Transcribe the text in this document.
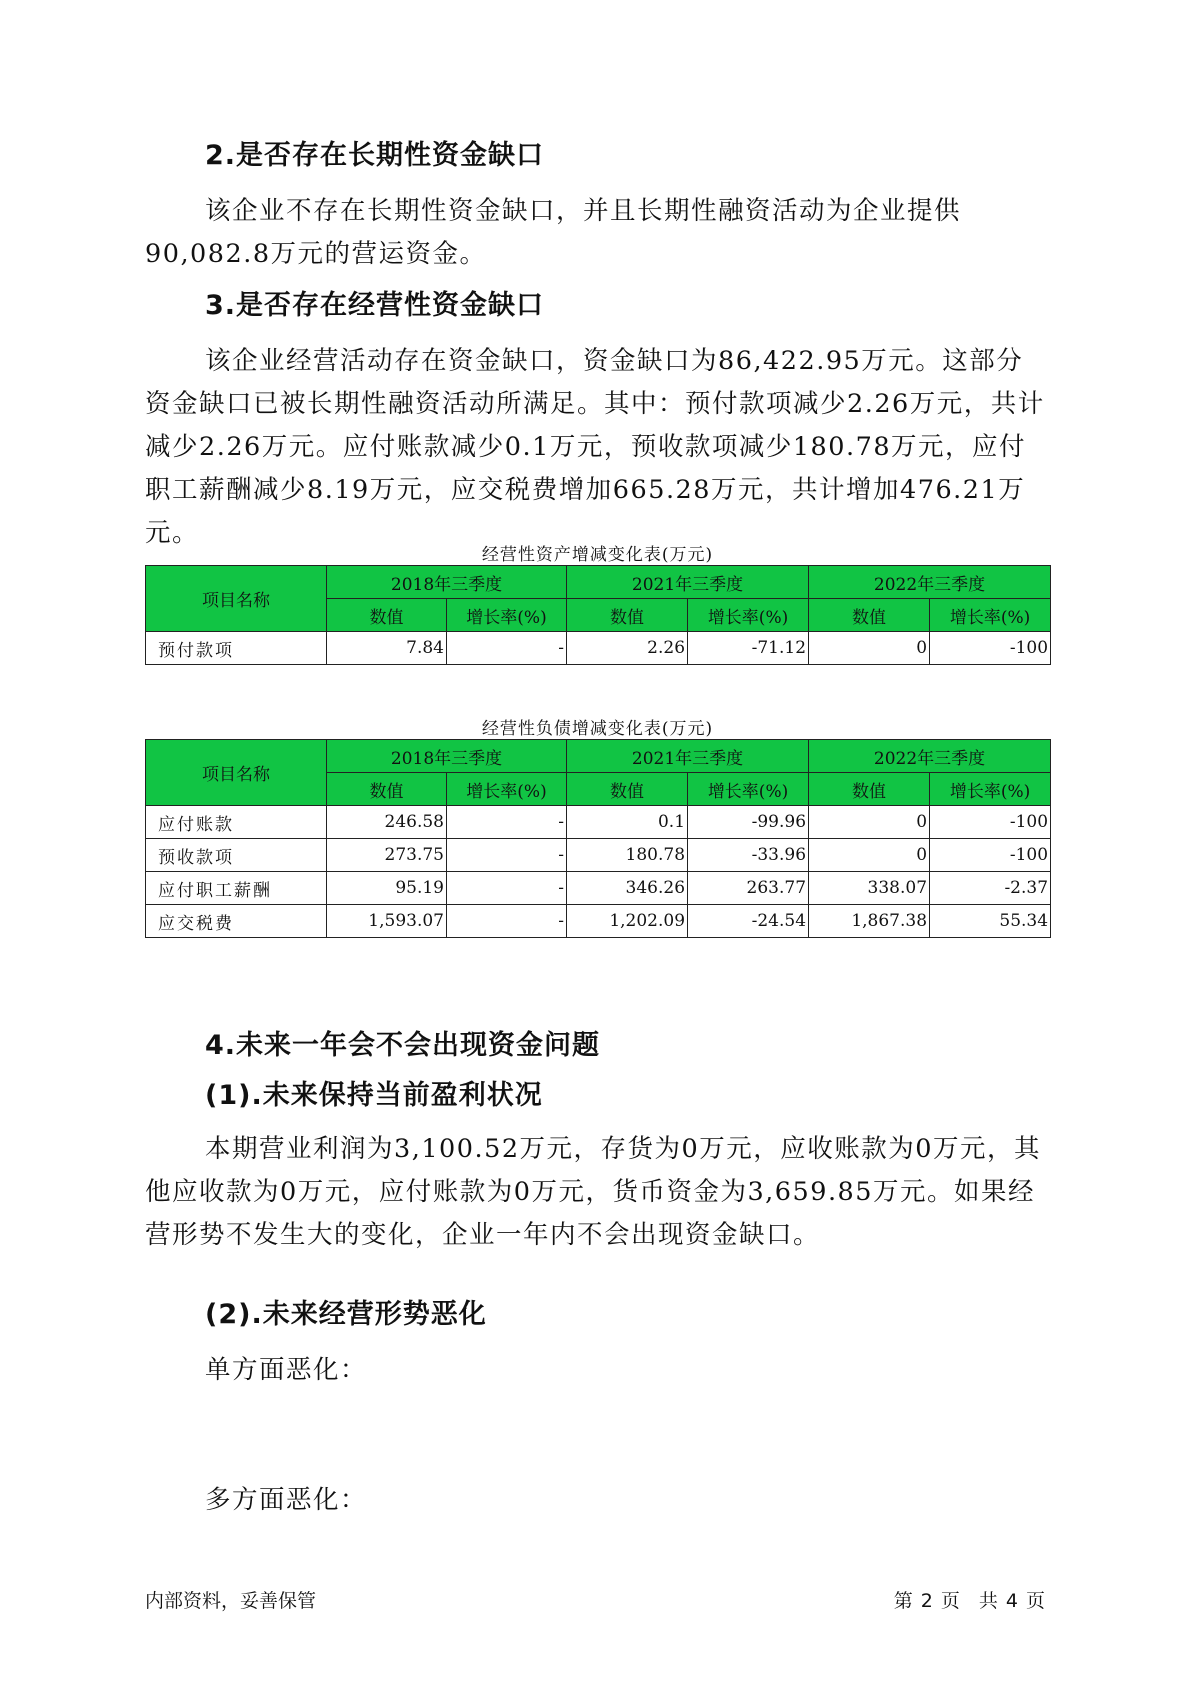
2.是否存在长期性资金缺口

该企业不存在长期性资金缺口，并且长期性融资活动为企业提供90,082.8万元的营运资金。

3.是否存在经营性资金缺口

该企业经营活动存在资金缺口，资金缺口为86,422.95万元。这部分资金缺口已被长期性融资活动所满足。其中：预付款项减少2.26万元，共计减少2.26万元。应付账款减少0.1万元，预收款项减少180.78万元，应付职工薪酬减少8.19万元，应交税费增加665.28万元，共计增加476.21万元。

经营性资产增减变化表(万元)
项目名称	2018年三季度		2021年三季度		2022年三季度	
	数值	增长率(%)	数值	增长率(%)	数值	增长率(%)
预付款项	7.84	-	2.26	-71.12	0	-100
经营性负债增减变化表(万元)
项目名称	2018年三季度		2021年三季度		2022年三季度	
	数值	增长率(%)	数值	增长率(%)	数值	增长率(%)
应付账款	246.58	-	0.1	-99.96	0	-100
预收款项	273.75	-	180.78	-33.96	0	-100
应付职工薪酬	95.19	-	346.26	263.77	338.07	-2.37
应交税费	1,593.07	-	1,202.09	-24.54	1,867.38	55.34
4.未来一年会不会出现资金问题
(1).未来保持当前盈利状况

本期营业利润为3,100.52万元，存货为0万元，应收账款为0万元，其他应收款为0万元，应付账款为0万元，货币资金为3,659.85万元。如果经营形势不发生大的变化，企业一年内不会出现资金缺口。

(2).未来经营形势恶化
单方面恶化：
多方面恶化：
内部资料，妥善保管	第 2 页　共 4 页
